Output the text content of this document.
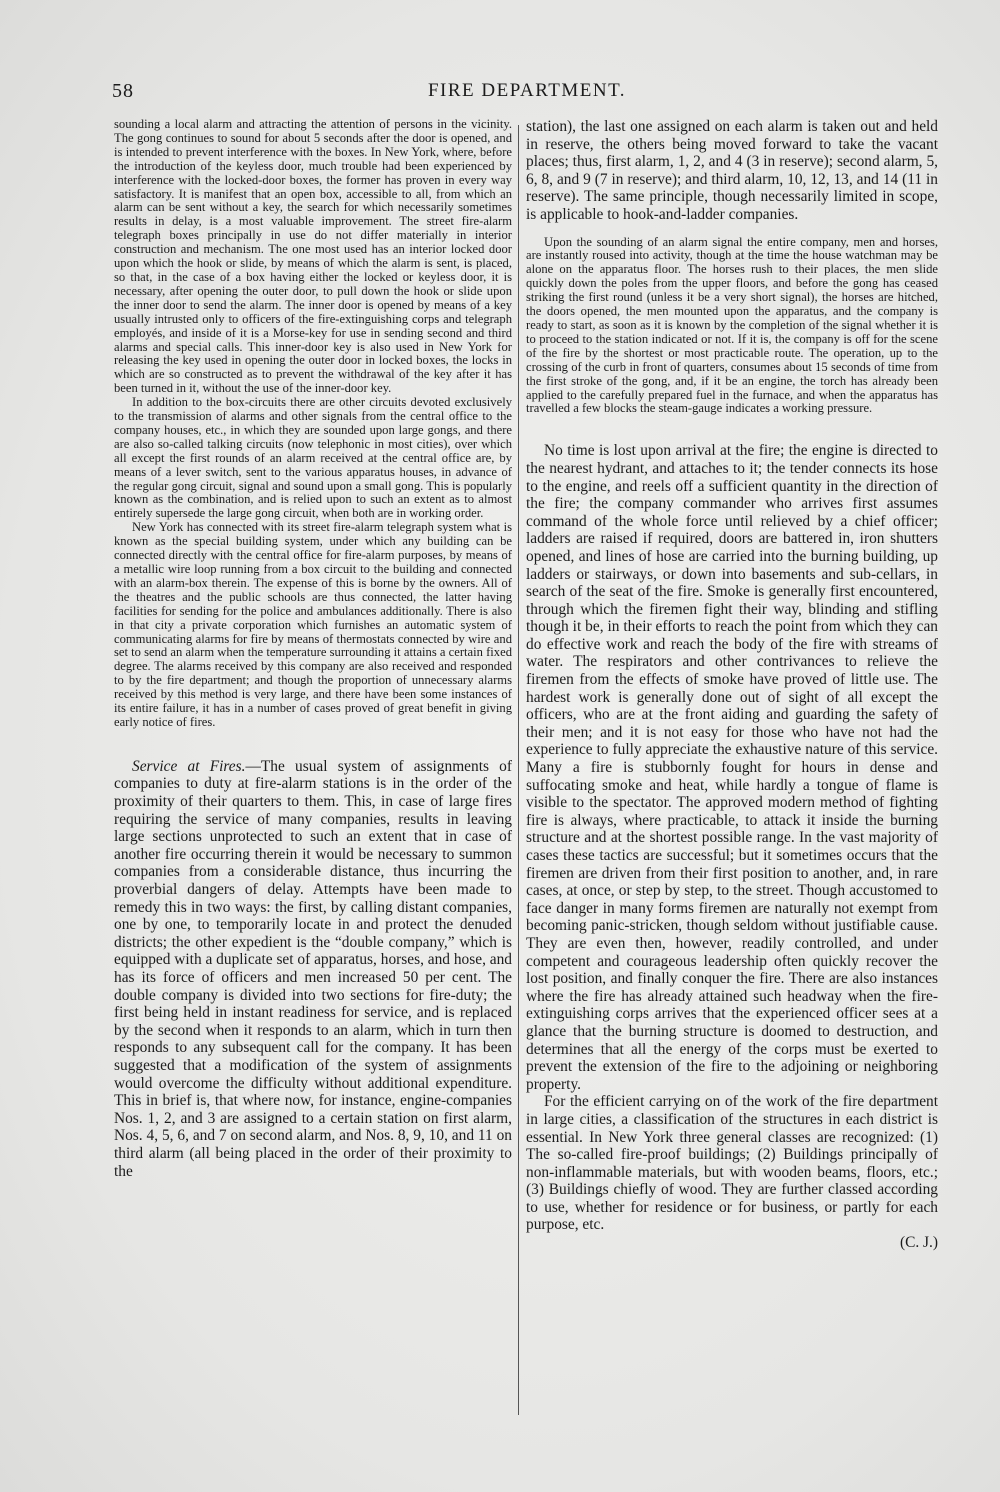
58	FIRE DEPARTMENT.

sounding a local alarm and attracting the attention of persons in the vicinity. The gong continues to sound for about 5 seconds after the door is opened, and is intended to prevent interference with the boxes. In New York, where, before the introduction of the keyless door, much trouble had been experienced by interference with the locked-door boxes, the former has proven in every way satisfactory. It is manifest that an open box, accessible to all, from which an alarm can be sent without a key, the search for which necessarily sometimes results in delay, is a most valuable improvement. The street fire-alarm telegraph boxes principally in use do not differ materially in interior construction and mechanism. The one most used has an interior locked door upon which the hook or slide, by means of which the alarm is sent, is placed, so that, in the case of a box having either the locked or keyless door, it is necessary, after opening the outer door, to pull down the hook or slide upon the inner door to send the alarm. The inner door is opened by means of a key usually intrusted only to officers of the fire-extinguishing corps and telegraph employés, and inside of it is a Morse-key for use in sending second and third alarms and special calls. This inner-door key is also used in New York for releasing the key used in opening the outer door in locked boxes, the locks in which are so constructed as to prevent the withdrawal of the key after it has been turned in it, without the use of the inner-door key.

In addition to the box-circuits there are other circuits devoted exclusively to the transmission of alarms and other signals from the central office to the company houses, etc., in which they are sounded upon large gongs, and there are also so-called talking circuits (now telephonic in most cities), over which all except the first rounds of an alarm received at the central office are, by means of a lever switch, sent to the various apparatus houses, in advance of the regular gong circuit, signal and sound upon a small gong. This is popularly known as the combination, and is relied upon to such an extent as to almost entirely supersede the large gong circuit, when both are in working order.

New York has connected with its street fire-alarm telegraph system what is known as the special building system, under which any building can be connected directly with the central office for fire-alarm purposes, by means of a metallic wire loop running from a box circuit to the building and connected with an alarm-box therein. The expense of this is borne by the owners. All of the theatres and the public schools are thus connected, the latter having facilities for sending for the police and ambulances additionally. There is also in that city a private corporation which furnishes an automatic system of communicating alarms for fire by means of thermostats connected by wire and set to send an alarm when the temperature surrounding it attains a certain fixed degree. The alarms received by this company are also received and responded to by the fire department; and though the proportion of unnecessary alarms received by this method is very large, and there have been some instances of its entire failure, it has in a number of cases proved of great benefit in giving early notice of fires.

Service at Fires.—The usual system of assignments of companies to duty at fire-alarm stations is in the order of the proximity of their quarters to them. This, in case of large fires requiring the service of many companies, results in leaving large sections unprotected to such an extent that in case of another fire occurring therein it would be necessary to summon companies from a considerable distance, thus incurring the proverbial dangers of delay. Attempts have been made to remedy this in two ways: the first, by calling distant companies, one by one, to temporarily locate in and protect the denuded districts; the other expedient is the “double company,” which is equipped with a duplicate set of apparatus, horses, and hose, and has its force of officers and men increased 50 per cent. The double company is divided into two sections for fire-duty; the first being held in instant readiness for service, and is replaced by the second when it responds to an alarm, which in turn then responds to any subsequent call for the company. It has been suggested that a modification of the system of assignments would overcome the difficulty without additional expenditure. This in brief is, that where now, for instance, engine-companies Nos. 1, 2, and 3 are assigned to a certain station on first alarm, Nos. 4, 5, 6, and 7 on second alarm, and Nos. 8, 9, 10, and 11 on third alarm (all being placed in the order of their proximity to the

station), the last one assigned on each alarm is taken out and held in reserve, the others being moved forward to take the vacant places; thus, first alarm, 1, 2, and 4 (3 in reserve); second alarm, 5, 6, 8, and 9 (7 in reserve); and third alarm, 10, 12, 13, and 14 (11 in reserve). The same principle, though necessarily limited in scope, is applicable to hook-and-ladder companies.

Upon the sounding of an alarm signal the entire company, men and horses, are instantly roused into activity, though at the time the house watchman may be alone on the apparatus floor. The horses rush to their places, the men slide quickly down the poles from the upper floors, and before the gong has ceased striking the first round (unless it be a very short signal), the horses are hitched, the doors opened, the men mounted upon the apparatus, and the company is ready to start, as soon as it is known by the completion of the signal whether it is to proceed to the station indicated or not. If it is, the company is off for the scene of the fire by the shortest or most practicable route. The operation, up to the crossing of the curb in front of quarters, consumes about 15 seconds of time from the first stroke of the gong, and, if it be an engine, the torch has already been applied to the carefully prepared fuel in the furnace, and when the apparatus has travelled a few blocks the steam-gauge indicates a working pressure.

No time is lost upon arrival at the fire; the engine is directed to the nearest hydrant, and attaches to it; the tender connects its hose to the engine, and reels off a sufficient quantity in the direction of the fire; the company commander who arrives first assumes command of the whole force until relieved by a chief officer; ladders are raised if required, doors are battered in, iron shutters opened, and lines of hose are carried into the burning building, up ladders or stairways, or down into basements and sub-cellars, in search of the seat of the fire. Smoke is generally first encountered, through which the firemen fight their way, blinding and stifling though it be, in their efforts to reach the point from which they can do effective work and reach the body of the fire with streams of water. The respirators and other contrivances to relieve the firemen from the effects of smoke have proved of little use. The hardest work is generally done out of sight of all except the officers, who are at the front aiding and guarding the safety of their men; and it is not easy for those who have not had the experience to fully appreciate the exhaustive nature of this service. Many a fire is stubbornly fought for hours in dense and suffocating smoke and heat, while hardly a tongue of flame is visible to the spectator. The approved modern method of fighting fire is always, where practicable, to attack it inside the burning structure and at the shortest possible range. In the vast majority of cases these tactics are successful; but it sometimes occurs that the firemen are driven from their first position to another, and, in rare cases, at once, or step by step, to the street. Though accustomed to face danger in many forms firemen are naturally not exempt from becoming panic-stricken, though seldom without justifiable cause. They are even then, however, readily controlled, and under competent and courageous leadership often quickly recover the lost position, and finally conquer the fire. There are also instances where the fire has already attained such headway when the fire-extinguishing corps arrives that the experienced officer sees at a glance that the burning structure is doomed to destruction, and determines that all the energy of the corps must be exerted to prevent the extension of the fire to the adjoining or neighboring property.

For the efficient carrying on of the work of the fire department in large cities, a classification of the structures in each district is essential. In New York three general classes are recognized: (1) The so-called fire-proof buildings; (2) Buildings principally of non-inflammable materials, but with wooden beams, floors, etc.; (3) Buildings chiefly of wood. They are further classed according to use, whether for residence or for business, or partly for each purpose, etc.

(C. J.)
